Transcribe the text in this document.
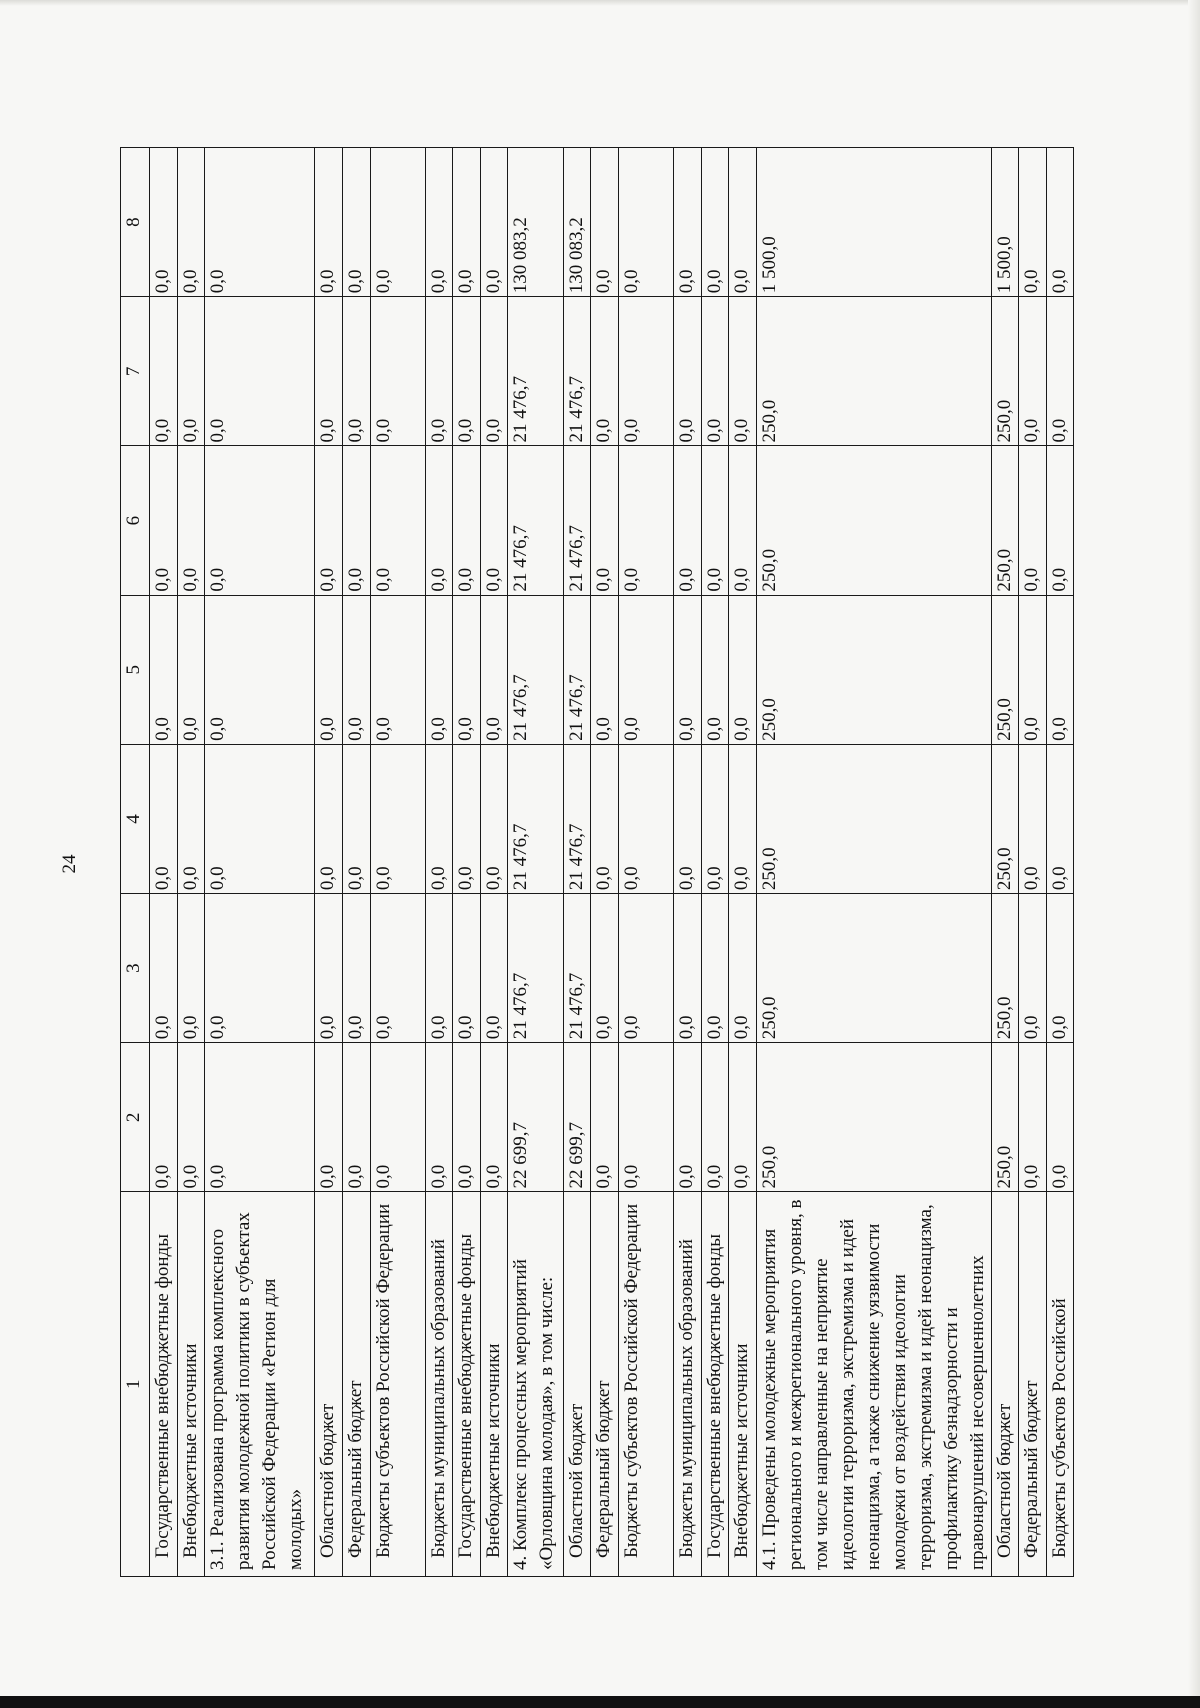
24
1	2	3	4	5	6	7	8
Государственные внебюджетные фонды	0,0	0,0	0,0	0,0	0,0	0,0	0,0
Внебюджетные источники	0,0	0,0	0,0	0,0	0,0	0,0	0,0
3.1. Реализована программа комплексного развития молодежной политики в субъектах Российской Федерации «Регион для молодых»	0,0	0,0	0,0	0,0	0,0	0,0	0,0
Областной бюджет	0,0	0,0	0,0	0,0	0,0	0,0	0,0
Федеральный бюджет	0,0	0,0	0,0	0,0	0,0	0,0	0,0
Бюджеты субъектов Российской Федерации	0,0	0,0	0,0	0,0	0,0	0,0	0,0
Бюджеты муниципальных образований	0,0	0,0	0,0	0,0	0,0	0,0	0,0
Государственные внебюджетные фонды	0,0	0,0	0,0	0,0	0,0	0,0	0,0
Внебюджетные источники	0,0	0,0	0,0	0,0	0,0	0,0	0,0
4. Комплекс процессных мероприятий «Орловщина молодая», в том числе:	22 699,7	21 476,7	21 476,7	21 476,7	21 476,7	21 476,7	130 083,2
Областной бюджет	22 699,7	21 476,7	21 476,7	21 476,7	21 476,7	21 476,7	130 083,2
Федеральный бюджет	0,0	0,0	0,0	0,0	0,0	0,0	0,0
Бюджеты субъектов Российской Федерации	0,0	0,0	0,0	0,0	0,0	0,0	0,0
Бюджеты муниципальных образований	0,0	0,0	0,0	0,0	0,0	0,0	0,0
Государственные внебюджетные фонды	0,0	0,0	0,0	0,0	0,0	0,0	0,0
Внебюджетные источники	0,0	0,0	0,0	0,0	0,0	0,0	0,0
4.1. Проведены молодежные мероприятия регионального и межрегионального уровня, в том числе направленные на неприятие идеологии терроризма, экстремизма и идей неонацизма, а также снижение уязвимости молодежи от воздействия идеологии терроризма, экстремизма и идей неонацизма, профилактику безнадзорности и правонарушений несовершеннолетних	250,0	250,0	250,0	250,0	250,0	250,0	1 500,0
Областной бюджет	250,0	250,0	250,0	250,0	250,0	250,0	1 500,0
Федеральный бюджет	0,0	0,0	0,0	0,0	0,0	0,0	0,0
Бюджеты субъектов Российской	0,0	0,0	0,0	0,0	0,0	0,0	0,0
